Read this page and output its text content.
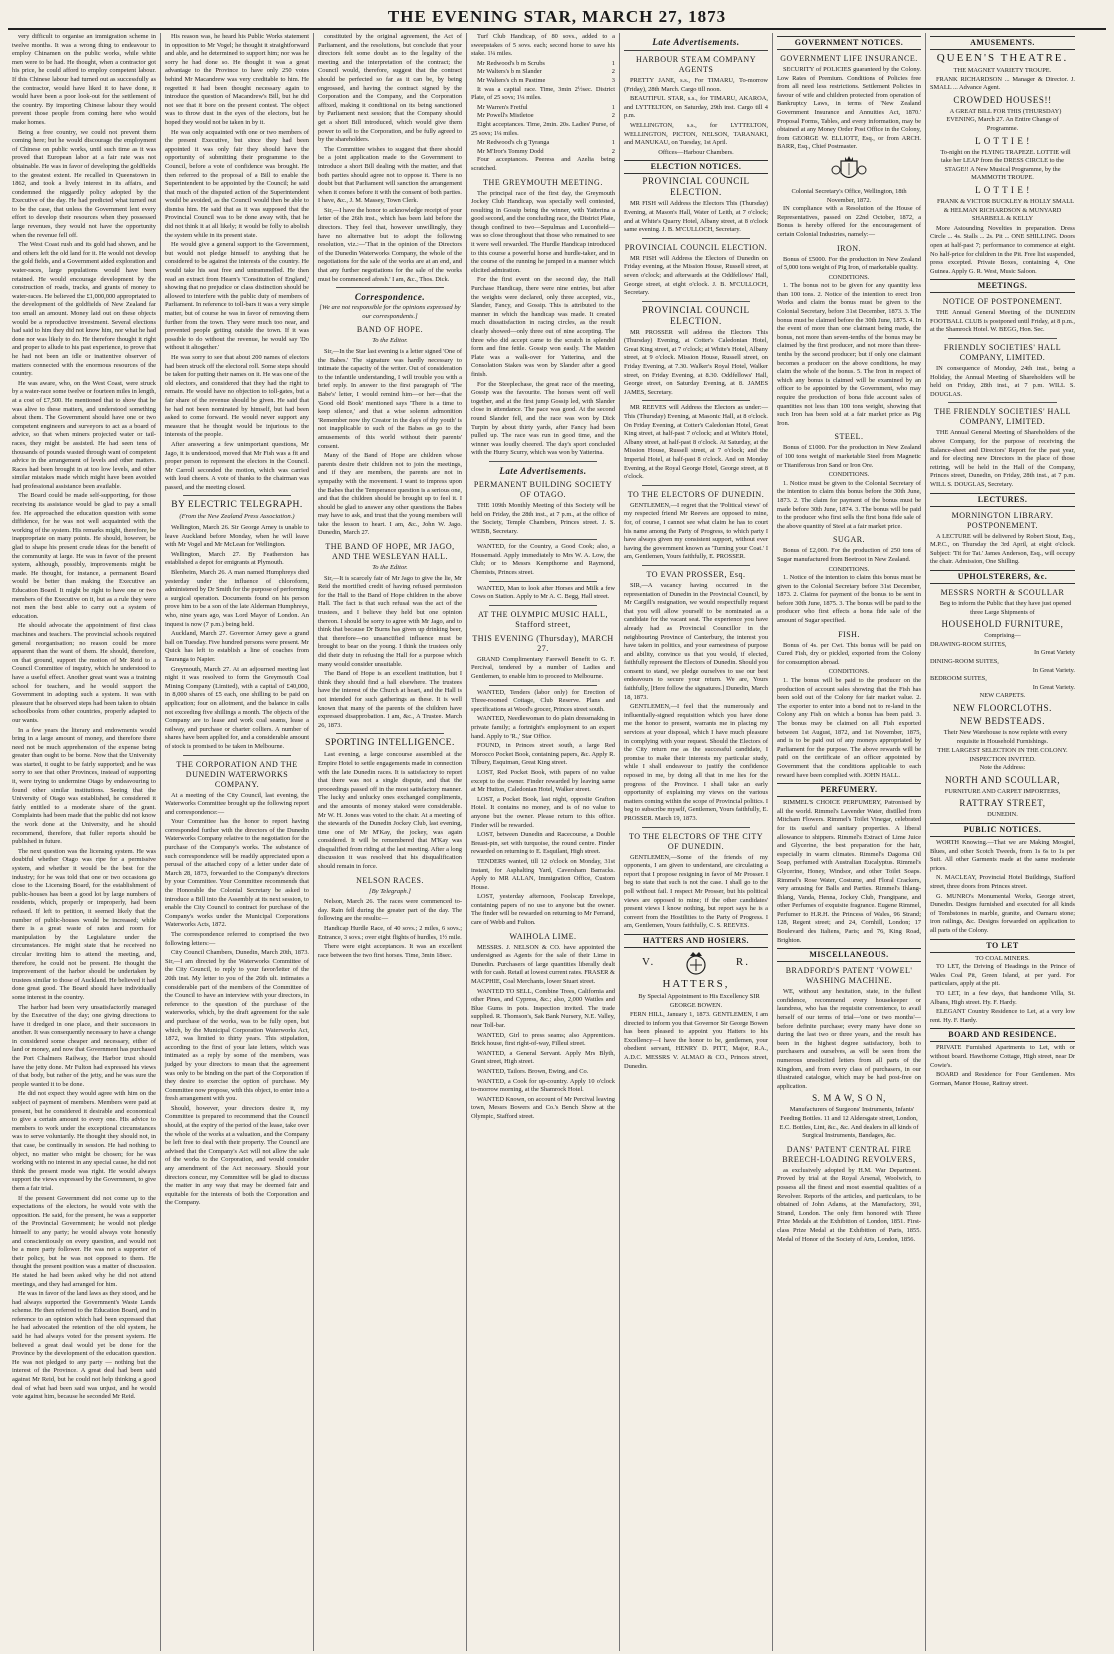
THE EVENING STAR, MARCH 27, 1873

very difficult to organise an immigration scheme in twelve months. It was a wrong thing to endeavour to employ Chinamen on the public works, while white men were to be had. He thought, when a contractor got his price, he could afford to employ competent labour. If this Chinese labour had turned out as successfully as the contractor, would have liked it to have done, it would have been a poor look-out for the settlement of the country. By importing Chinese labour they would prevent those people from coming here who would make homes.

Being a free country, we could not prevent them coming here; but he would discourage the employment of Chinese on public works, until such time as it was proved that European labor at a fair rate was not obtainable. He was in favor of developing the goldfields to the greatest extent. He recalled in Queenstown in 1862, and took a lively interest in its affairs, and condemned the niggardly policy adopted by the Executive of the day. He had predicted what turned out to be the case, that unless the Government lent every effort to develop their resources when they possessed large revenues, they would not have the opportunity when the revenue fell off.

The West Coast rush and its gold had shown, and he and others left the old land for it. He would not develop the gold fields, and a Government aided exploration and water-races, large populations would have been retained. He would encourage development by the construction of roads, tracks, and grants of money to water-races. He believed the £1,000,000 appropriated to the development of the goldfields of New Zealand far too small an amount. Money laid out on these objects would be a reproductive investment. Several elections had said to him they did not know him, nor what he had done nor was likely to do. He therefore thought it right and proper to allude to his past experience, to prove that he had not been an idle or inattentive observer of matters connected with the enormous resources of the country.

He was aware, who, on the West Coast, were struck by a water-race some twelve or fourteen miles in length, at a cost of £7,500. He mentioned that to show that he was alive to these matters, and understood something about them. The Government should have one or two competent engineers and surveyors to act as a board of advice, so that when miners projected water or tail-races, they might be assisted. He had seen tens of thousands of pounds wasted through want of competent advice in the arrangement of levels and other matters. Races had been brought in at too low levels, and other similar mistakes made which might have been avoided had professional assistance been available.

The Board could be made self-supporting, for those receiving its assistance would be glad to pay a small fee. He approached the education question with some diffidence, for he was not well acquainted with the working of the system. His remarks might, therefore, be inappropriate on many points. He should, however, be glad to shape his present crude ideas for the benefit of the community at large. He was in favor of the present system, although, possibly, improvements might be made. He thought, for instance, a permanent Board would be better than making the Executive an Education Board. It might be right to have one or two members of the Executive on it, but as a rule they were not men the best able to carry out a system of education.

He should advocate the appointment of first class machines and teachers. The provincial schools required general reorganisation; no reason could be more apparent than the want of them. He should, therefore, on that ground, support the motion of Mr Reid to a Council Committee of inquiry, which he understood to have a useful effect. Another great want was a training school for teachers, and he would support the Government in adopting such a system. It was with pleasure that he observed steps had been taken to obtain schoolbooks from other countries, properly adapted to our wants.

In a few years the literary and endowments would bring in a large amount of money, and therefore there need not be much apprehension of the expense being greater than ought to be borne. Now that the University was started, it ought to be fairly supported; and he was sorry to see that other Provinces, instead of supporting it, were trying to undermine Otago by endeavouring to found other similar institutions. Seeing that the University of Otago was established, he considered it fairly entitled to a moderate share of the grant. Complaints had been made that the public did not know the work done at the University, and he should recommend, therefore, that fuller reports should be published in future.

The next question was the licensing system. He was doubtful whether Otago was ripe for a permissive system, and whether it would be the best for the industry; for he was told that one or two occasions go close to the Licensing Board, for the establishment of public-houses has been a good lot by large numbers of residents, which, properly or improperly, had been refused. If left to petition, it seemed likely that the number of public-houses would be increased; while there is a great waste of rates and room for manipulation by the Legislature under the circumstances. He might state that he received no circular inviting him to attend the meeting, and, therefore, he could not be present. He thought the improvement of the harbor should be undertaken by trustees similar to those of Auckland. He believed it had done great good. The Board should have individually some interest in the country.

The harbor had been very unsatisfactorily managed by the Executive of the day; one giving directions to have it dredged in one place, and their successors in another. It was consequently necessary to have a change in considered some cheaper and necessary, either of land or money, and now that Government has purchased the Port Chalmers Railway, the Harbor trust should have the jetty done. Mr Fulton had expressed his views of that body, but rather of the jetty, and he was sure the people wanted it to be done.

He did not expect they would agree with him on the subject of payment of members. Members were paid at present, but he considered it desirable and economical to give a certain amount to every one. His advice to members to work under the exceptional circumstances was to serve voluntarily. He thought they should not, in that case, be continually in session. He had nothing to object, no matter who might be chosen; for he was working with no interest in any special cause, he did not think the present mode was right. He would always support the views expressed by the Government, to give them a fair trial.

If the present Government did not come up to the expectations of the electors, he would vote with the opposition. He said, for the present, he was a supporter of the Provincial Government; he would not pledge himself to any party; he would always vote honestly and conscientiously on every question, and would not be a mere party follower. He was not a supporter of their policy, but he was not opposed to them. He thought the present position was a matter of discussion. He stated he had been asked why he did not attend meetings, and they had arranged for him.

He was in favor of the land laws as they stood, and he had always supported the Government's Waste Lands scheme. He then referred to the Education Board, and in reference to an opinion which had been expressed that he had advocated the retention of the old system, he said he had always voted for the present system. He believed a great deal would yet be done for the Province by the development of the education question. He was not pledged to any party — nothing but the interest of the Province. A great deal had been said against Mr Reid, but he could not help thinking a good deal of what had been said was unjust, and he would vote against him, because he seconded Mr Reid.

His reason was, he heard his Public Works statement in opposition to Mr Vogel; he thought it straightforward and able, and he determined to support him; nor was he sorry he had done so. He thought it was a great advantage to the Province to have only 250 votes behind Mr Macandrew was very creditable to him. He regretted it had been thought necessary again to introduce the question of Macandrew's Bill, but he did not see that it bore on the present contest. The object was to throw dust in the eyes of the electors, but he hoped they would not be taken in by it.

He was only acquainted with one or two members of the present Executive, but since they had been appointed it was only fair they should have the opportunity of submitting their programme to the Council, before a vote of confidence was brought. He then referred to the proposal of a Bill to enable the Superintendent to be appointed by the Council; he said that much of the disputed action of the Superintendent would be avoided, as the Council would then be able to dismiss him. He said that as it was supposed that the Provincial Council was to be done away with, that he did not think it at all likely; it would be folly to abolish the system while in its present state.

He would give a general support to the Government, but would not pledge himself to anything that he considered to be against the interests of the country. He would take his seat free and untrammelled. He then read an extract from Hearn's 'Constitution of England,' showing that no prejudice or class distinction should be allowed to interfere with the public duty of members of Parliament. In reference to toll-bars it was a very simple matter, but of course he was in favor of removing them further from the town. They were much too near, and prevented people getting outside the town. If it was possible to do without the revenue, he would say 'Do without it altogether.'

He was sorry to see that about 200 names of electors had been struck off the electoral roll. Some steps should be taken for putting their names on it. He was one of the old electors, and considered that they had the right to remain. He would have no objection to toll-gates, but a fair share of the revenue should be given. He said that he had not been nominated by himself, but had been asked to come forward. He would never support any measure that he thought would be injurious to the interests of the people.

After answering a few unimportant questions, Mr Jago, it is understood, moved that Mr Fish was a fit and proper person to represent the electors in the Council. Mr Carroll seconded the motion, which was carried with loud cheers. A vote of thanks to the chairman was passed, and the meeting closed.

BY ELECTRIC TELEGRAPH.
(From the New Zealand Press Association.)

Wellington, March 26. Sir George Arney is unable to leave Auckland before Monday, when he will leave with Mr Vogel and Mr McLean for Wellington.

Wellington, March 27. By Featherston has established a depot for emigrants at Plymouth.

Blenheim, March 26. A man named Humphreys died yesterday under the influence of chloroform, administered by Dr Smith for the purpose of performing a surgical operation. Documents found on his person prove him to be a son of the late Alderman Humphreys, who, nine years ago, was Lord Mayor of London. An inquest is now (7 p.m.) being held.

Auckland, March 27. Governor Arney gave a grand ball on Tuesday. Five hundred persons were present. Mr Quick has left to establish a line of coaches from Tauranga to Napier.

Greymouth, March 27. At an adjourned meeting last night it was resolved to form the Greymouth Coal Mining Company (Limited), with a capital of £40,000, in 8,000 shares of £5 each, one shilling to be paid on application; four on allotment, and the balance in calls not exceeding five shillings a month. The objects of the Company are to lease and work coal seams, lease a railway, and purchase or charter colliers. A number of shares have been applied for, and a considerable amount of stock is promised to be taken in Melbourne.

THE CORPORATION AND THE DUNEDIN WATERWORKS COMPANY.

At a meeting of the City Council, last evening, the Waterworks Committee brought up the following report and correspondence:—

Your Committee has the honor to report having corresponded further with the directors of the Dunedin Waterworks Company relative to the negotiation for the purchase of the Company's works. The substance of such correspondence will be readily appreciated upon a perusal of the attached copy of a letter under date of March 28, 1873, forwarded to the Company's directors by your Committee. Your Committee recommends that the Honorable the Colonial Secretary be asked to introduce a Bill into the Assembly at its next session, to enable the City Council to contract for purchase of the Company's works under the Municipal Corporations Waterworks Acts, 1872.

The correspondence referred to comprised the two following letters:—

City Council Chambers, Dunedin, March 20th, 1873. Sir,—I am directed by the Waterworks Committee of the City Council, to reply to your favor/letter of the 20th inst. My letter to you of the 26th ult. intimates a considerable part of the members of the Committee of the Council to have an interview with your directors, in reference to the question of the purchase of the waterworks, which, by the draft agreement for the sale and purchase of the works, was to be fully open, but which, by the Municipal Corporation Waterworks Act, 1872, was limited to thirty years. This stipulation, according to the first of your late letters, which was intimated as a reply by some of the members, was judged by your directors to mean that the agreement was only to be binding on the part of the Corporation if they desire to exercise the option of purchase. My Committee now propose, with this object, to enter into a fresh arrangement with you.

Should, however, your directors desire it, my Committee is prepared to recommend that the Council should, at the expiry of the period of the lease, take over the whole of the works at a valuation, and the Company be left free to deal with their property. The Council are advised that the Company's Act will not allow the sale of the works to the Corporation, and would consider any amendment of the Act necessary. Should your directors concur, my Committee will be glad to discuss the matter in any way that may be deemed fair and equitable for the interests of both the Corporation and the Company.

constituted by the original agreement, the Act of Parliament, and the resolutions, but conclude that your directors felt some doubt as to the legality of the meeting and the interpretation of the contract; the Council would, therefore, suggest that the contract should be perfected so far as it can be, by being engrossed, and having the contract signed by the Corporation and the Company, and the Corporation affixed, making it conditional on its being sanctioned by Parliament next session; that the Company should get a short Bill introduced, which would give them power to sell to the Corporation, and be fully agreed to by the shareholders.

The Committee wishes to suggest that there should be a joint application made to the Government to introduce a short Bill dealing with the matter, and that both parties should agree not to oppose it. There is no doubt but that Parliament will sanction the arrangement when it comes before it with the consent of both parties. I have, &c., J. M. Massey, Town Clerk.

Sir,—I have the honor to acknowledge receipt of your letter of the 26th inst., which has been laid before the directors. They feel that, however unwillingly, they have no alternative but to adopt the following resolution, viz.:—'That in the opinion of the Directors of the Dunedin Waterworks Company, the whole of the negotiations for the sale of the works are at an end, and that any further negotiations for the sale of the works must be commenced afresh.' I am, &c., Thos. Dick.

Correspondence.
[We are not responsible for the opinions expressed by our correspondents.]
BAND OF HOPE.
To the Editor.

Sir,—In the Star last evening is a letter signed 'One of the Babes.' The signature was hardly necessary to intimate the capacity of the writer. Out of consideration to the infantile understanding, I will trouble you with a brief reply. In answer to the first paragraph of 'The Babe's' letter, I would remind him—or her—that the 'Good old Book' mentioned says 'There is a time to keep silence,' and that a wise solemn admonition 'Remember now thy Creator in the days of thy youth' is not inapplicable to such of the Babes as go to the amusements of this world without their parents' consent.

Many of the Band of Hope are children whose parents desire their children not to join the meetings, and if they are members, the parents are not in sympathy with the movement. I want to impress upon the Babes that the Temperance question is a serious one, and that the children should be brought up to feel it. I should be glad to answer any other questions the Babes may have to ask, and trust that the young members will take the lesson to heart. I am, &c., John W. Jago. Dunedin, March 27.

THE BAND OF HOPE, MR JAGO, AND THE WESLEYAN HALL.
To the Editor.

Sir,—It is scarcely fair of Mr Jago to give the lie, Mr Reid the mortified credit of having refused permission for the Hall to the Band of Hope children in the above Hall. The fact is that such refusal was the act of the trustees, and I believe they held but one opinion thereon. I should be sorry to agree with Mr Jago, and to think that because Dr Burns has given up drinking beer, that therefore—no unsanctified influence must be brought to bear on the young. I think the trustees only did their duty in refusing the Hall for a purpose which many would consider unsuitable.

The Band of Hope is an excellent institution, but I think they should find a hall elsewhere. The trustees have the interest of the Church at heart, and the Hall is not intended for such gatherings as these. It is well known that many of the parents of the children have expressed disapprobation. I am, &c., A Trustee. March 26, 1873.

SPORTING INTELLIGENCE.

Last evening, a large concourse assembled at the Empire Hotel to settle engagements made in connection with the late Dunedin races. It is satisfactory to report that there was not a single dispute, and that the proceedings passed off in the most satisfactory manner. The lucky and unlucky ones exchanged compliments, and the amounts of money staked were considerable. Mr W. H. Jones was voted to the chair. At a meeting of the stewards of the Dunedin Jockey Club, last evening, time one of Mr M'Kay, the jockey, was again considered. It will be remembered that M'Kay was disqualified from riding at the last meeting. After a long discussion it was resolved that his disqualification should remain in force.

NELSON RACES.
[By Telegraph.]

Nelson, March 26. The races were commenced to-day. Rain fell during the greater part of the day. The following are the results:—

Handicap Hurdle Race, of 40 sovs.; 2 miles, 6 sovs.; Entrance, 3 sovs.; over eight flights of hurdles, 1½ mile.

There were eight acceptances. It was an excellent race between the two first horses. Time, 3min 18sec.

Turf Club Handicap, of 80 sovs., added to a sweepstakes of 5 sovs. each; second horse to save his stake. 1¼ miles.

Mr Redwood's b m Scrubs	1
Mr Walters's b m Slander	2
Mr Walters's ch m Pastime	3

It was a capital race. Time, 3min 2½sec. District Plate, of 25 sovs; 1¼ miles.

Mr Warren's Fretful	1
Mr Powell's Mistletoe	2

Eight acceptances. Time, 2min. 20s. Ladies' Purse, of 25 sovs; 1¼ miles.

Mr Redwood's ch g Tyranga	1
Mr M'Iror's Tommy Dodd	2

Four acceptances. Peeress and Azelia being scratched.

THE GREYMOUTH MEETING.

The principal race of the first day, the Greymouth Jockey Club Handicap, was specially well contested, resulting in Gossip being the winner, with Yatterina a good second, and the concluding race, the District Plate, though confined to two—Sepulmas and Luconfield—was so close throughout that those who remained to see it were well rewarded. The Hurdle Handicap introduced to this course a powerful horse and hurdle-taker, and in the course of the running he jumped in a manner which elicited admiration.

For the first event on the second day, the Hall Purchase Handicap, there were nine entries, but after the weights were declared, only three accepted, viz., Slander, Fancy, and Gossip. This is attributed to the manner in which the handicap was made. It created much dissatisfaction in racing circles, as the result clearly showed—only three out of nine accepting. The three who did accept came to the scratch in splendid form and fine fettle. Gossip won easily. The Maiden Plate was a walk-over for Yatterina, and the Consolation Stakes was won by Slander after a good finish.

For the Steeplechase, the great race of the meeting, Gossip was the favourite. The horses went off well together, and at the first jump Gossip led, with Slander close in attendance. The pace was good. At the second round Slander fell, and the race was won by Dick Turpin by about thirty yards, after Fancy had been pulled up. The race was run in good time, and the winner was loudly cheered. The day's sport concluded with the Hurry Scurry, which was won by Yatterina.

Late Advertisements.
PERMANENT BUILDING SOCIETY OF OTAGO.

THE 109th Monthly Meeting of this Society will be held on Friday, the 28th inst., at 7 p.m., at the office of the Society, Temple Chambers, Princes street. J. S. WEBB, Secretary.

WANTED, for the Country, a Good Cook; also, a Housemaid. Apply immediately to Mrs W. A. Low, the Club; or to Messrs Kempthorne and Raymond, Chemists, Princes street.

WANTED, Man to look after Horses and Milk a few Cows on Station. Apply to Mr A. C. Begg, Hall street.

AT THE OLYMPIC MUSIC HALL, Stafford street,
THIS EVENING (Thursday), MARCH 27.

GRAND Complimentary Farewell Benefit to G. F. Percival, tendered by a number of Ladies and Gentlemen, to enable him to proceed to Melbourne.

WANTED, Tenders (labor only) for Erection of Three-roomed Cottage, Club Reserve. Plans and specifications at Wood's grocer, Princes street south.

WANTED, Needlewoman to do plain dressmaking in private family; a fortnight's employment to an expert hand. Apply to 'R.,' Star Office.

FOUND, in Princes street south, a large Red Morocco Pocket Book, containing papers, &c. Apply R. Tilbury, Esquiman, Great King street.

LOST, Red Pocket Book, with papers of no value except to the owner. Finder rewarded by leaving same at Mr Hutton, Caledonian Hotel, Walker street.

LOST, a Pocket Book, last night, opposite Grafton Hotel. It contains no money, and is of no value to anyone but the owner. Please return to this office. Finder will be rewarded.

LOST, between Dunedin and Racecourse, a Double Breast-pin, set with turquoise, the round centre. Finder rewarded on returning to E. Esquilant, High street.

TENDERS wanted, till 12 o'clock on Monday, 31st instant, for Asphalting Yard, Caversham Barracks. Apply to MR ALLAN, Immigration Office, Custom House.

LOST, yesterday afternoon, Foolscap Envelope, containing papers of no use to anyone but the owner. The finder will be rewarded on returning to Mr Ferrand, care of Webb and Fulton.

WAIHOLA LIME.

MESSRS. J. NELSON & CO. have appointed the undersigned as Agents for the sale of their Lime in Dunedin. Purchasers of large quantities liberally dealt with for cash. Retail at lowest current rates. FRASER & MACPHIE, Coal Merchants, lower Stuart street.

WANTED TO SELL, Combine Trees, California and other Pines, and Cypress, &c.; also, 2,000 Wattles and Blue Gums in pots. Inspection invited. The trade supplied. R. Thomson's, Sak Bank Nursery, N.E. Valley, near Toll-bar.

WANTED, Girl to press seams; also Apprentices. Brick house, first right-of-way, Filleul street.

WANTED, a General Servant. Apply Mrs Blyth, Grant street, High street.

WANTED, Tailors. Brown, Ewing, and Co.

WANTED, a Cook for up-country. Apply 10 o'clock to-morrow morning, at the Shamrock Hotel.

WANTED Known, on account of Mr Percival leaving town, Messrs Bowers and Co.'s Bench Show at the Olympic, Stafford street.

Late Advertisements.
HARBOUR STEAM COMPANY AGENTS

PRETTY JANE, s.s., For TIMARU, To-morrow (Friday), 28th March. Cargo till noon.

BEAUTIFUL STAR, s.s., for TIMARU, AKAROA, and LYTTELTON, on Saturday, 29th inst. Cargo till 4 p.m.

WELLINGTON, s.s., for LYTTELTON, WELLINGTON, PICTON, NELSON, TARANAKI, and MANUKAU, on Tuesday, 1st April.

Offices—Harbour Chambers.
ELECTION NOTICES.
PROVINCIAL COUNCIL ELECTION.

MR FISH will Address the Electors This (Thursday) Evening, at Mason's Hall, Water of Leith, at 7 o'clock; and at White's Quarry Hotel, Albany street, at 8 o'clock same evening. J. B. M'CULLOCH, Secretary.

PROVINCIAL COUNCIL ELECTION.

MR FISH will Address the Electors of Dunedin on Friday evening, at the Mission House, Russell street, at seven o'clock; and afterwards at the Oddfellows' Hall, George street, at eight o'clock. J. B. M'CULLOCH, Secretary.

PROVINCIAL COUNCIL ELECTION.

MR PROSSER will address the Electors This (Thursday) Evening, at Cotter's Caledonian Hotel, Great King street, at 7 o'clock; at White's Hotel, Albany street, at 9 o'clock. Mission House, Russell street, on Friday Evening, at 7.30. Walker's Royal Hotel, Walker street, on Friday Evening, at 8.30. Oddfellows' Hall, George street, on Saturday Evening, at 8. JAMES JAMES, Secretary.

MR REEVES will Address the Electors as under:— This (Thursday) Evening, at Masonic Hall, at 8 o'clock. On Friday Evening, at Cotter's Caledonian Hotel, Great King street, at half-past 7 o'clock; and at White's Hotel, Albany street, at half-past 8 o'clock. At Saturday, at the Mission House, Russell street, at 7 o'clock; and the Imperial Hotel, at half-past 8 o'clock. And on Monday Evening, at the Royal George Hotel, George street, at 8 o'clock.

TO THE ELECTORS OF DUNEDIN.

GENTLEMEN,—I regret that the 'Political views' of my respected friend Mr Reeves are opposed to mine, for, of course, I cannot see what claim he has to court his name among the Party of Progress, to which party I have always given my consistent support, without ever having the government known as 'Turning your Coat.' I am, Gentlemen, Yours faithfully, E. PROSSER.

TO EVAN PROSSER, Esq.

SIR,—A vacancy having occurred in the representation of Dunedin in the Provincial Council, by Mr Cargill's resignation, we would respectfully request that you will allow yourself to be nominated as a candidate for the vacant seat. The experience you have already had as Provincial Councillor in the neighbouring Province of Canterbury, the interest you have taken in politics, and your earnestness of purpose and ability, convince us that you would, if elected, faithfully represent the Electors of Dunedin. Should you consent to stand, we pledge ourselves to use our best endeavours to secure your return. We are, Yours faithfully, [Here follow the signatures.] Dunedin, March 18, 1873.

GENTLEMEN,—I feel that the numerously and influentially-signed requisition which you have done me the honor to present, warrants me in placing my services at your disposal, which I have much pleasure in complying with your request. Should the Electors of the City return me as the successful candidate, I promise to make their interests my particular study, while I shall endeavour to justify the confidence reposed in me, by doing all that in me lies for the progress of the Province. I shall take an early opportunity of explaining my views on the various matters coming within the scope of Provincial politics. I beg to subscribe myself, Gentlemen, Yours faithfully, E. PROSSER. March 19, 1873.

TO THE ELECTORS OF THE CITY OF DUNEDIN.

GENTLEMEN,—Some of the friends of my opponents, I am given to understand, are circulating a report that I propose resigning in favor of Mr Prosser. I beg to state that such is not the case. I shall go to the poll without fail. I respect Mr Prosser, but his political views are opposed to mine; if the other candidates' present views I know nothing, but report says he is a convert from the Hostilities to the Party of Progress. I am, Gentlemen, Yours faithfully, C. S. REEVES.

HATTERS AND HOSIERS.
V.	R.
HATTERS,

By Special Appointment to His Excellency SIR GEORGE BOWEN.

FERN HILL, January 1, 1873. GENTLEMEN, I am directed to inform you that Governor Sir George Bowen has been pleased to appoint you Hatters to his Excellency—I have the honor to be, gentlemen, your obedient servant, HENRY D. PITT, Major, R.A., A.D.C. MESSRS V. ALMAO & CO., Princes street, Dunedin.

GOVERNMENT NOTICES.
GOVERNMENT LIFE INSURANCE.

SECURITY of POLICIES guaranteed by the Colony. Low Rates of Premium. Conditions of Policies free from all need less restrictions. Settlement Policies in favour of wife and children protected from operation of Bankruptcy Laws, in terms of 'New Zealand Government Insurance and Annuities Act, 1870.' Proposal Forms, Tables, and every information, may be obtained at any Money Order Post Office in the Colony, from GEORGE W. ELLIOTT, Esq., or from ARCH. BARR, Esq., Chief Postmaster.

Colonial Secretary's Office, Wellington, 18th November, 1872.

IN compliance with a Resolution of the House of Representatives, passed on 22nd October, 1872, a Bonus is hereby offered for the encouragement of certain Colonial Industries, namely:—

IRON.

Bonus of £5000. For the production in New Zealand of 5,000 tons weight of Pig Iron, of marketable quality.

CONDITIONS.

1. The bonus not to be given for any quantity less than 100 tons. 2. Notice of the intention to erect Iron Works and claim the bonus must be given to the Colonial Secretary, before 31st December, 1873. 3. The bonus must be claimed before the 30th June, 1875. 4. In the event of more than one claimant being made, the bonus, not more than seven-tenths of the bonus may be claimed by the first producer, and not more than three-tenths by the second producer; but if only one claimant becomes a producer on the above conditions, he may claim the whole of the bonus. 5. The Iron in respect of which any bonus is claimed will be examined by an officer to be appointed by the Government, who may require the production of bona fide account sales of quantities not less than 100 tons weight, showing that such Iron has been sold at a fair market price as Pig Iron.

STEEL.

Bonus of £1000. For the production in New Zealand of 100 tons weight of marketable Steel from Magnetic or Titaniferous Iron Sand or Iron Ore.

CONDITIONS.

1. Notice must be given to the Colonial Secretary of the intention to claim this bonus before the 30th June, 1873. 2. The claim for payment of the bonus must be made before 30th June, 1874. 3. The bonus will be paid to the producer who first sells the first bona fide sale of the above quantity of Steel at a fair market price.

SUGAR.

Bonus of £2,000. For the production of 250 tons of Sugar manufactured from Beetroot in New Zealand.

CONDITIONS.

1. Notice of the intention to claim this bonus must be given to the Colonial Secretary before 31st December, 1873. 2. Claims for payment of the bonus to be sent in before 30th June, 1875. 3. The bonus will be paid to the producer who first effects a bona fide sale of the amount of Sugar specified.

FISH.

Bonus of 4s. per Cwt. This bonus will be paid on Cured Fish, dry or pickled, exported from the Colony for consumption abroad.

CONDITIONS.

1. The bonus will be paid to the producer on the production of account sales showing that the Fish has been sold out of the Colony for fair market value. 2. The exporter to enter into a bond not to re-land in the Colony any Fish on which a bonus has been paid. 3. The bonus may be claimed on all Fish exported between 1st August, 1872, and 1st November, 1875, and is to be paid out of any moneys appropriated by Parliament for the purpose. The above rewards will be paid on the certificate of an officer appointed by Government that the conditions applicable to each reward have been complied with. JOHN HALL.

PERFUMERY.

RIMMEL'S CHOICE PERFUMERY, Patronised by all the world. Rimmel's Lavender Water, distilled from Mitcham Flowers. Rimmel's Toilet Vinegar, celebrated for its useful and sanitary properties. A liberal allowance to shippers. Rimmel's Extract of Lime Juice and Glycerine, the best preparation for the hair, especially in warm climates. Rimmel's Dagoma Oil Soap, perfumed with Australian Eucalyptus. Rimmel's Glycerine, Honey, Windsor, and other Toilet Soaps. Rimmel's Rose Water, Costume, and Floral Crackers, very amusing for Balls and Parties. Rimmel's Ihlang-Ihlang, Vanda, Henna, Jockey Club, Frangipane, and other Perfumes of exquisite fragrance. Eugene Rimmel, Perfumer to H.R.H. the Princess of Wales, 96 Strand; 128, Regent street; and 24, Cornhill, London; 17 Boulevard des Italiens, Paris; and 76, King Road, Brighton.

MISCELLANEOUS.
BRADFORD'S PATENT 'VOWEL' WASHING MACHINE.

WE, without any hesitation, state, in the fullest confidence, recommend every housekeeper or laundress, who has the requisite convenience, to avail herself of our terms of trial—'one or two months'—before definite purchase; every many have done so during the last two or three years, and the result has been in the highest degree satisfactory, both to purchasers and ourselves, as will be seen from the numerous unsolicited letters from all parts of the Kingdom, and from every class of purchasers, in our illustrated catalogue, which may be had post-free on application.

S. M A W, S O N,

Manufacturers of Surgeons' Instruments, Infants' Feeding Bottles. 11 and 12 Aldersgate street, London, E.C. Bottles, Lint, &c., &c. And dealers in all kinds of Surgical Instruments, Bandages, &c.

DANS' PATENT CENTRAL FIRE BREECH-LOADING REVOLVERS,

as exclusively adopted by H.M. War Department. Proved by trial at the Royal Arsenal, Woolwich, to possess all the finest and most essential qualities of a Revolver. Reports of the articles, and particulars, to be obtained of John Adams, at the Manufactory, 391, Strand, London. The only firm honored with Three Prize Medals at the Exhibition of London, 1851. First-class Prize Medal at the Exhibition of Paris, 1855. Medal of Honor of the Society of Arts, London, 1856.

AMUSEMENTS.
QUEEN'S THEATRE.
THE MAGNET VARIETY TROUPE.

FRANK RICHARDSON ... Manager & Director. J. SMALL ... Advance Agent.

CROWDED HOUSES!!

A GREAT BILL FOR THIS (THURSDAY) EVENING, March 27. An Entire Change of Programme.

L O T T I E !

To-night on the FLYING TRAPEZE. LOTTIE will take her LEAP from the DRESS CIRCLE to the STAGE!! A New Musical Programme, by the MAMMOTH TROUPE.

L O T T I E !

FRANK & VICTOR BUCKLEY & HOLLY SMALL & HELMAN RICHARDSON & MUNYARD SHARBELL & KELLY

More Astounding Novelties in preparation. Dress Circle ... 4s. Stalls ... 2s. Pit ... ONE SHILLING. Doors open at half-past 7; performance to commence at eight. No half-price for children in the Pit. Free list suspended, press excepted. Private Boxes, containing 4, One Guinea. Apply G. R. West, Music Saloon.

MEETINGS.
NOTICE OF POSTPONEMENT.

THE Annual General Meeting of the DUNEDIN FOOTBALL CLUB is postponed until Friday, at 8 p.m., at the Shamrock Hotel. W. BEGG, Hon. Sec.

FRIENDLY SOCIETIES' HALL COMPANY, LIMITED.

IN consequence of Monday, 24th inst., being a Holiday, the Annual Meeting of Shareholders will be held on Friday, 28th inst., at 7 p.m. WILL S. DOUGLAS.

THE FRIENDLY SOCIETIES' HALL COMPANY, LIMITED.

THE Annual General Meeting of Shareholders of the above Company, for the purpose of receiving the Balance-sheet and Directors' Report for the past year, and for electing new Directors in the place of those retiring, will be held in the Hall of the Company, Princes street, Dunedin, on Friday, 28th inst., at 7 p.m. WILL S. DOUGLAS, Secretary.

LECTURES.
MORNINGTON LIBRARY. POSTPONEMENT.

A LECTURE will be delivered by Robert Stout, Esq., M.P.C., on Thursday the 3rd April, at eight o'clock. Subject: 'Tit for Tat.' James Anderson, Esq., will occupy the chair. Admission, One Shilling.

UPHOLSTERERS, &c.
MESSRS NORTH & SCOULLAR

Beg to inform the Public that they have just opened three Large Shipments of

HOUSEHOLD FURNITURE,
Comprising—
DRAWING-ROOM SUITES,
In Great Variety
DINING-ROOM SUITES,
In Great Variety.
BEDROOM SUITES,
In Great Variety.
NEW CARPETS.
NEW FLOORCLOTHS.
NEW BEDSTEADS.

Their New Warehouse is now replete with every requisite in Household Furnishings.

THE LARGEST SELECTION IN THE COLONY.
INSPECTION INVITED.
Note the Address:
NORTH AND SCOULLAR,
FURNITURE AND CARPET IMPORTERS,
RATTRAY STREET,
DUNEDIN.
PUBLIC NOTICES.

WORTH Knowing.—That we are Making Mosgiel, Blues, and other Scotch Tweeds, from 1s 6s to 1s per Suit. All other Garments made at the same moderate prices.

N. MACLEAY, Provincial Hotel Buildings, Stafford street, three doors from Princes street.

G. MUNRO's Monumental Works, George street, Dunedin. Designs furnished and executed for all kinds of Tombstones in marble, granite, and Oamaru stone; iron railings, &c. Designs forwarded on application to all parts of the Colony.

TO LET
TO COAL MINERS.

TO LET, the Driving of Headings in the Prince of Wales Coal Pit, Green Island, at per yard. For particulars, apply at the pit.

TO LET, in a few days, that handsome Villa, St. Albans, High street. Hy. F. Hardy.

ELEGANT Country Residence to Let, at a very low rent. Hy. F. Hardy.

BOARD AND RESIDENCE.

PRIVATE Furnished Apartments to Let, with or without board. Hawthorne Cottage, High street, near Dr Cowie's.

BOARD and Residence for Four Gentlemen. Mrs Gorman, Manor House, Rattray street.
